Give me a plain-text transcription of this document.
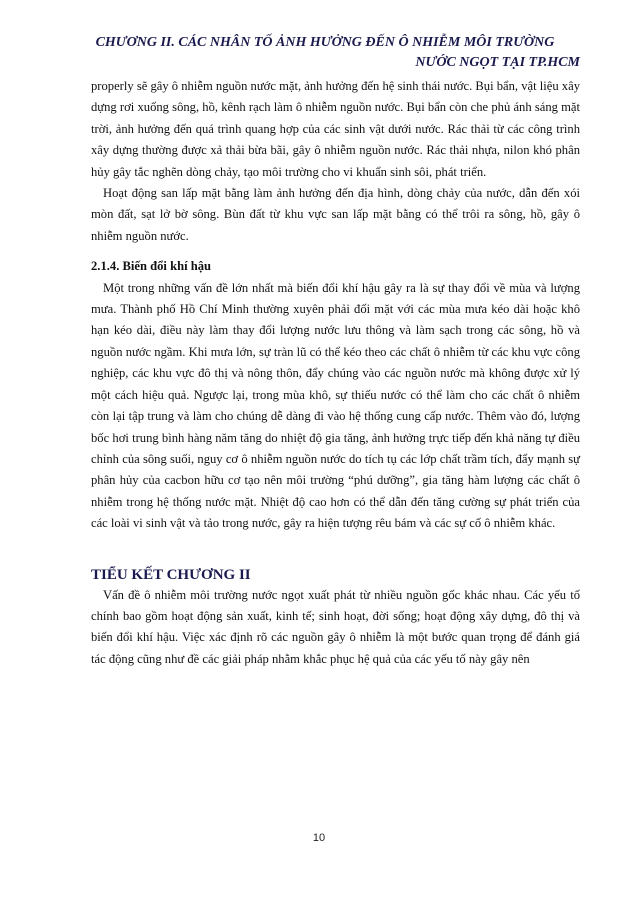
CHƯƠNG II. CÁC NHÂN TỐ ẢNH HƯỞNG ĐẾN Ô NHIỄM MÔI TRƯỜNG
NƯỚC NGỌT TẠI TP.HCM

properly sẽ gây ô nhiễm nguồn nước mặt, ảnh hưởng đến hệ sinh thái nước. Bụi bẩn, vật liệu xây dựng rơi xuống sông, hồ, kênh rạch làm ô nhiễm nguồn nước. Bụi bẩn còn che phủ ánh sáng mặt trời, ảnh hưởng đến quá trình quang hợp của các sinh vật dưới nước. Rác thải từ các công trình xây dựng thường được xả thải bừa bãi, gây ô nhiễm nguồn nước. Rác thải nhựa, nilon khó phân hủy gây tắc nghẽn dòng chảy, tạo môi trường cho vi khuẩn sinh sôi, phát triển.

Hoạt động san lấp mặt bằng làm ảnh hưởng đến địa hình, dòng chảy của nước, dẫn đến xói mòn đất, sạt lở bờ sông. Bùn đất từ khu vực san lấp mặt bằng có thể trôi ra sông, hồ, gây ô nhiễm nguồn nước.

2.1.4. Biến đổi khí hậu

Một trong những vấn đề lớn nhất mà biến đổi khí hậu gây ra là sự thay đổi về mùa và lượng mưa. Thành phố Hồ Chí Minh thường xuyên phải đối mặt với các mùa mưa kéo dài hoặc khô hạn kéo dài, điều này làm thay đổi lượng nước lưu thông và làm sạch trong các sông, hồ và nguồn nước ngầm. Khi mưa lớn, sự tràn lũ có thể kéo theo các chất ô nhiễm từ các khu vực công nghiệp, các khu vực đô thị và nông thôn, đẩy chúng vào các nguồn nước mà không được xử lý một cách hiệu quả. Ngược lại, trong mùa khô, sự thiếu nước có thể làm cho các chất ô nhiễm còn lại tập trung và làm cho chúng dễ dàng đi vào hệ thống cung cấp nước. Thêm vào đó, lượng bốc hơi trung bình hàng năm tăng do nhiệt độ gia tăng, ảnh hưởng trực tiếp đến khả năng tự điều chỉnh của sông suối, nguy cơ ô nhiễm nguồn nước do tích tụ các lớp chất trầm tích, đẩy mạnh sự phân hủy của cacbon hữu cơ tạo nên môi trường “phú dưỡng”, gia tăng hàm lượng các chất ô nhiễm trong hệ thống nước mặt. Nhiệt độ cao hơn có thể dẫn đến tăng cường sự phát triển của các loài vi sinh vật và tảo trong nước, gây ra hiện tượng rêu bám và các sự cố ô nhiễm khác.

TIỂU KẾT CHƯƠNG II

Vấn đề ô nhiễm môi trường nước ngọt xuất phát từ nhiều nguồn gốc khác nhau. Các yếu tố chính bao gồm hoạt động sản xuất, kinh tế; sinh hoạt, đời sống; hoạt động xây dựng, đô thị và biến đổi khí hậu. Việc xác định rõ các nguồn gây ô nhiễm là một bước quan trọng để đánh giá tác động cũng như đề các giải pháp nhằm khắc phục hệ quả của các yếu tố này gây nên

10
